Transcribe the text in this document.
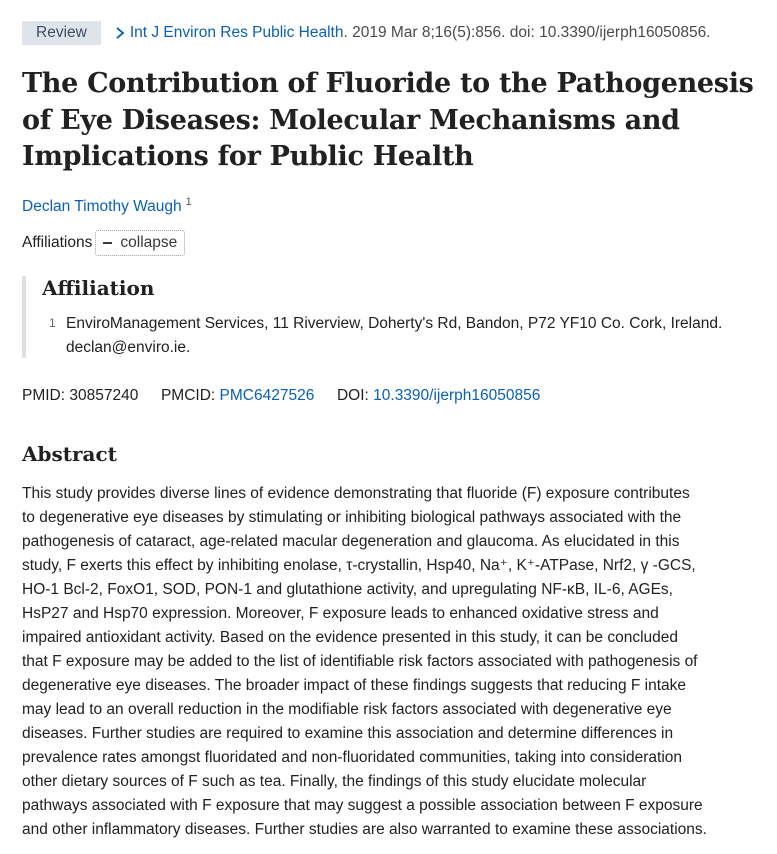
Review	Int J Environ Res Public Health . 2019 Mar 8;16(5):856. doi: 10.3390/ijerph16050856.
The Contribution of Fluoride to the Pathogenesis of Eye Diseases: Molecular Mechanisms and Implications for Public Health
Declan Timothy Waugh $^1$
Affiliations collapse
Affiliation
1 EnviroManagement Services, 11 Riverview, Doherty's Rd, Bandon, P72 YF10 Co. Cork, Ireland. declan@enviro.ie.
PMID: 30857240 PMCID: PMC6427526 DOI: 10.3390/ijerph16050856
Abstract
This study provides diverse lines of evidence demonstrating that fluoride (F) exposure contributes
to degenerative eye diseases by stimulating or inhibiting biological pathways associated with the
pathogenesis of cataract, age-related macular degeneration and glaucoma. As elucidated in this
study, F exerts this effect by inhibiting enolase, τ-crystallin, Hsp40, Na⁺, K⁺-ATPase, Nrf2, γ -GCS,
HO-1 Bcl-2, FoxO1, SOD, PON-1 and glutathione activity, and upregulating NF-κB, IL-6, AGEs,
HsP27 and Hsp70 expression. Moreover, F exposure leads to enhanced oxidative stress and
impaired antioxidant activity. Based on the evidence presented in this study, it can be concluded
that F exposure may be added to the list of identifiable risk factors associated with pathogenesis of
degenerative eye diseases. The broader impact of these findings suggests that reducing F intake
may lead to an overall reduction in the modifiable risk factors associated with degenerative eye
diseases. Further studies are required to examine this association and determine differences in
prevalence rates amongst fluoridated and non-fluoridated communities, taking into consideration
other dietary sources of F such as tea. Finally, the findings of this study elucidate molecular
pathways associated with F exposure that may suggest a possible association between F exposure
and other inflammatory diseases. Further studies are also warranted to examine these associations.
